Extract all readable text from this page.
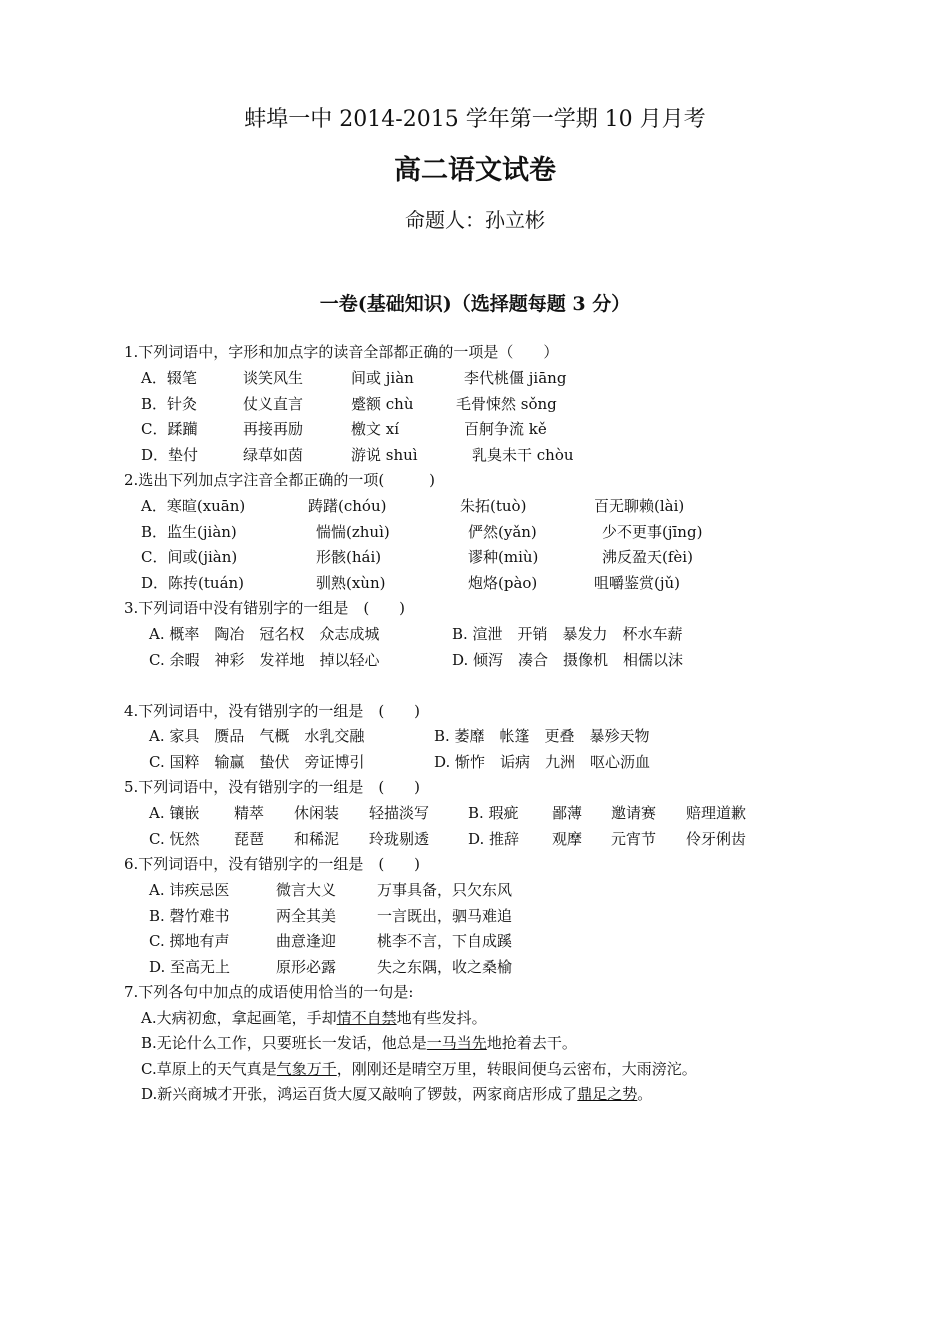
蚌埠一中 2014-2015 学年第一学期 10 月月考
高二语文试卷
命题人：孙立彬
一卷(基础知识)（选择题每题 3 分）
1.下列词语中，字形和加点字的读音全部都正确的一项是（　　）
A．辍笔	谈笑风生	间或 jiàn	李代桃僵 jiāng
B．针灸	仗义直言	蹙额 chù	毛骨悚然 sǒng
C．蹂躏	再接再励	檄文 xí	百舸争流 kě
D．垫付	绿草如茵	游说 shuì	乳臭未干 chòu
2.选出下列加点字注音全都正确的一项(　　　)
A．寒暄(xuān)	踌躇(chóu)	朱拓(tuò)	百无聊赖(lài)
B．监生(jiàn)	惴惴(zhuì)	俨然(yǎn)	少不更事(jīng)
C．间或(jiàn)	形骸(hái)	谬种(miù)	沸反盈天(fèi)
D．陈抟(tuán)	驯熟(xùn)	炮烙(pào)	咀嚼鉴赏(jǔ)
3.下列词语中没有错别字的一组是　(　　)
A. 概率　陶冶　冠名权　众志成城	B. 渲泄　开销　暴发力　杯水车薪
C. 余暇　神彩　发祥地　掉以轻心	D. 倾泻　凑合　摄像机　相儒以沫
4.下列词语中，没有错别字的一组是　(　　)
A. 家具　赝品　气概　水乳交融	B. 萎靡　帐篷　更叠　暴殄天物
C. 国粹　输赢　蛰伏　旁证博引	D. 惭怍　诟病　九洲　呕心沥血
5.下列词语中，没有错别字的一组是　(　　)
A. 镶嵌 精萃 休闲装 轻描淡写	B. 瑕疵 鄙薄 邀请赛 赔理道歉
C. 怃然 琵琶 和稀泥 玲珑剔透	D. 推辞 观摩 元宵节 伶牙俐齿
6.下列词语中，没有错别字的一组是　(　　)
A. 讳疾忌医	微言大义	万事具备，只欠东风
B. 磬竹难书	两全其美	一言既出，驷马难追
C. 掷地有声	曲意逢迎	桃李不言，下自成蹊
D. 至高无上	原形必露	失之东隅，收之桑榆
7.下列各句中加点的成语使用恰当的一句是:
A.大病初愈，拿起画笔，手却情不自禁地有些发抖。
B.无论什么工作，只要班长一发话，他总是一马当先地抢着去干。
C.草原上的天气真是气象万千，刚刚还是晴空万里，转眼间便乌云密布，大雨滂沱。
D.新兴商城才开张，鸿运百货大厦又敲响了锣鼓，两家商店形成了鼎足之势。
